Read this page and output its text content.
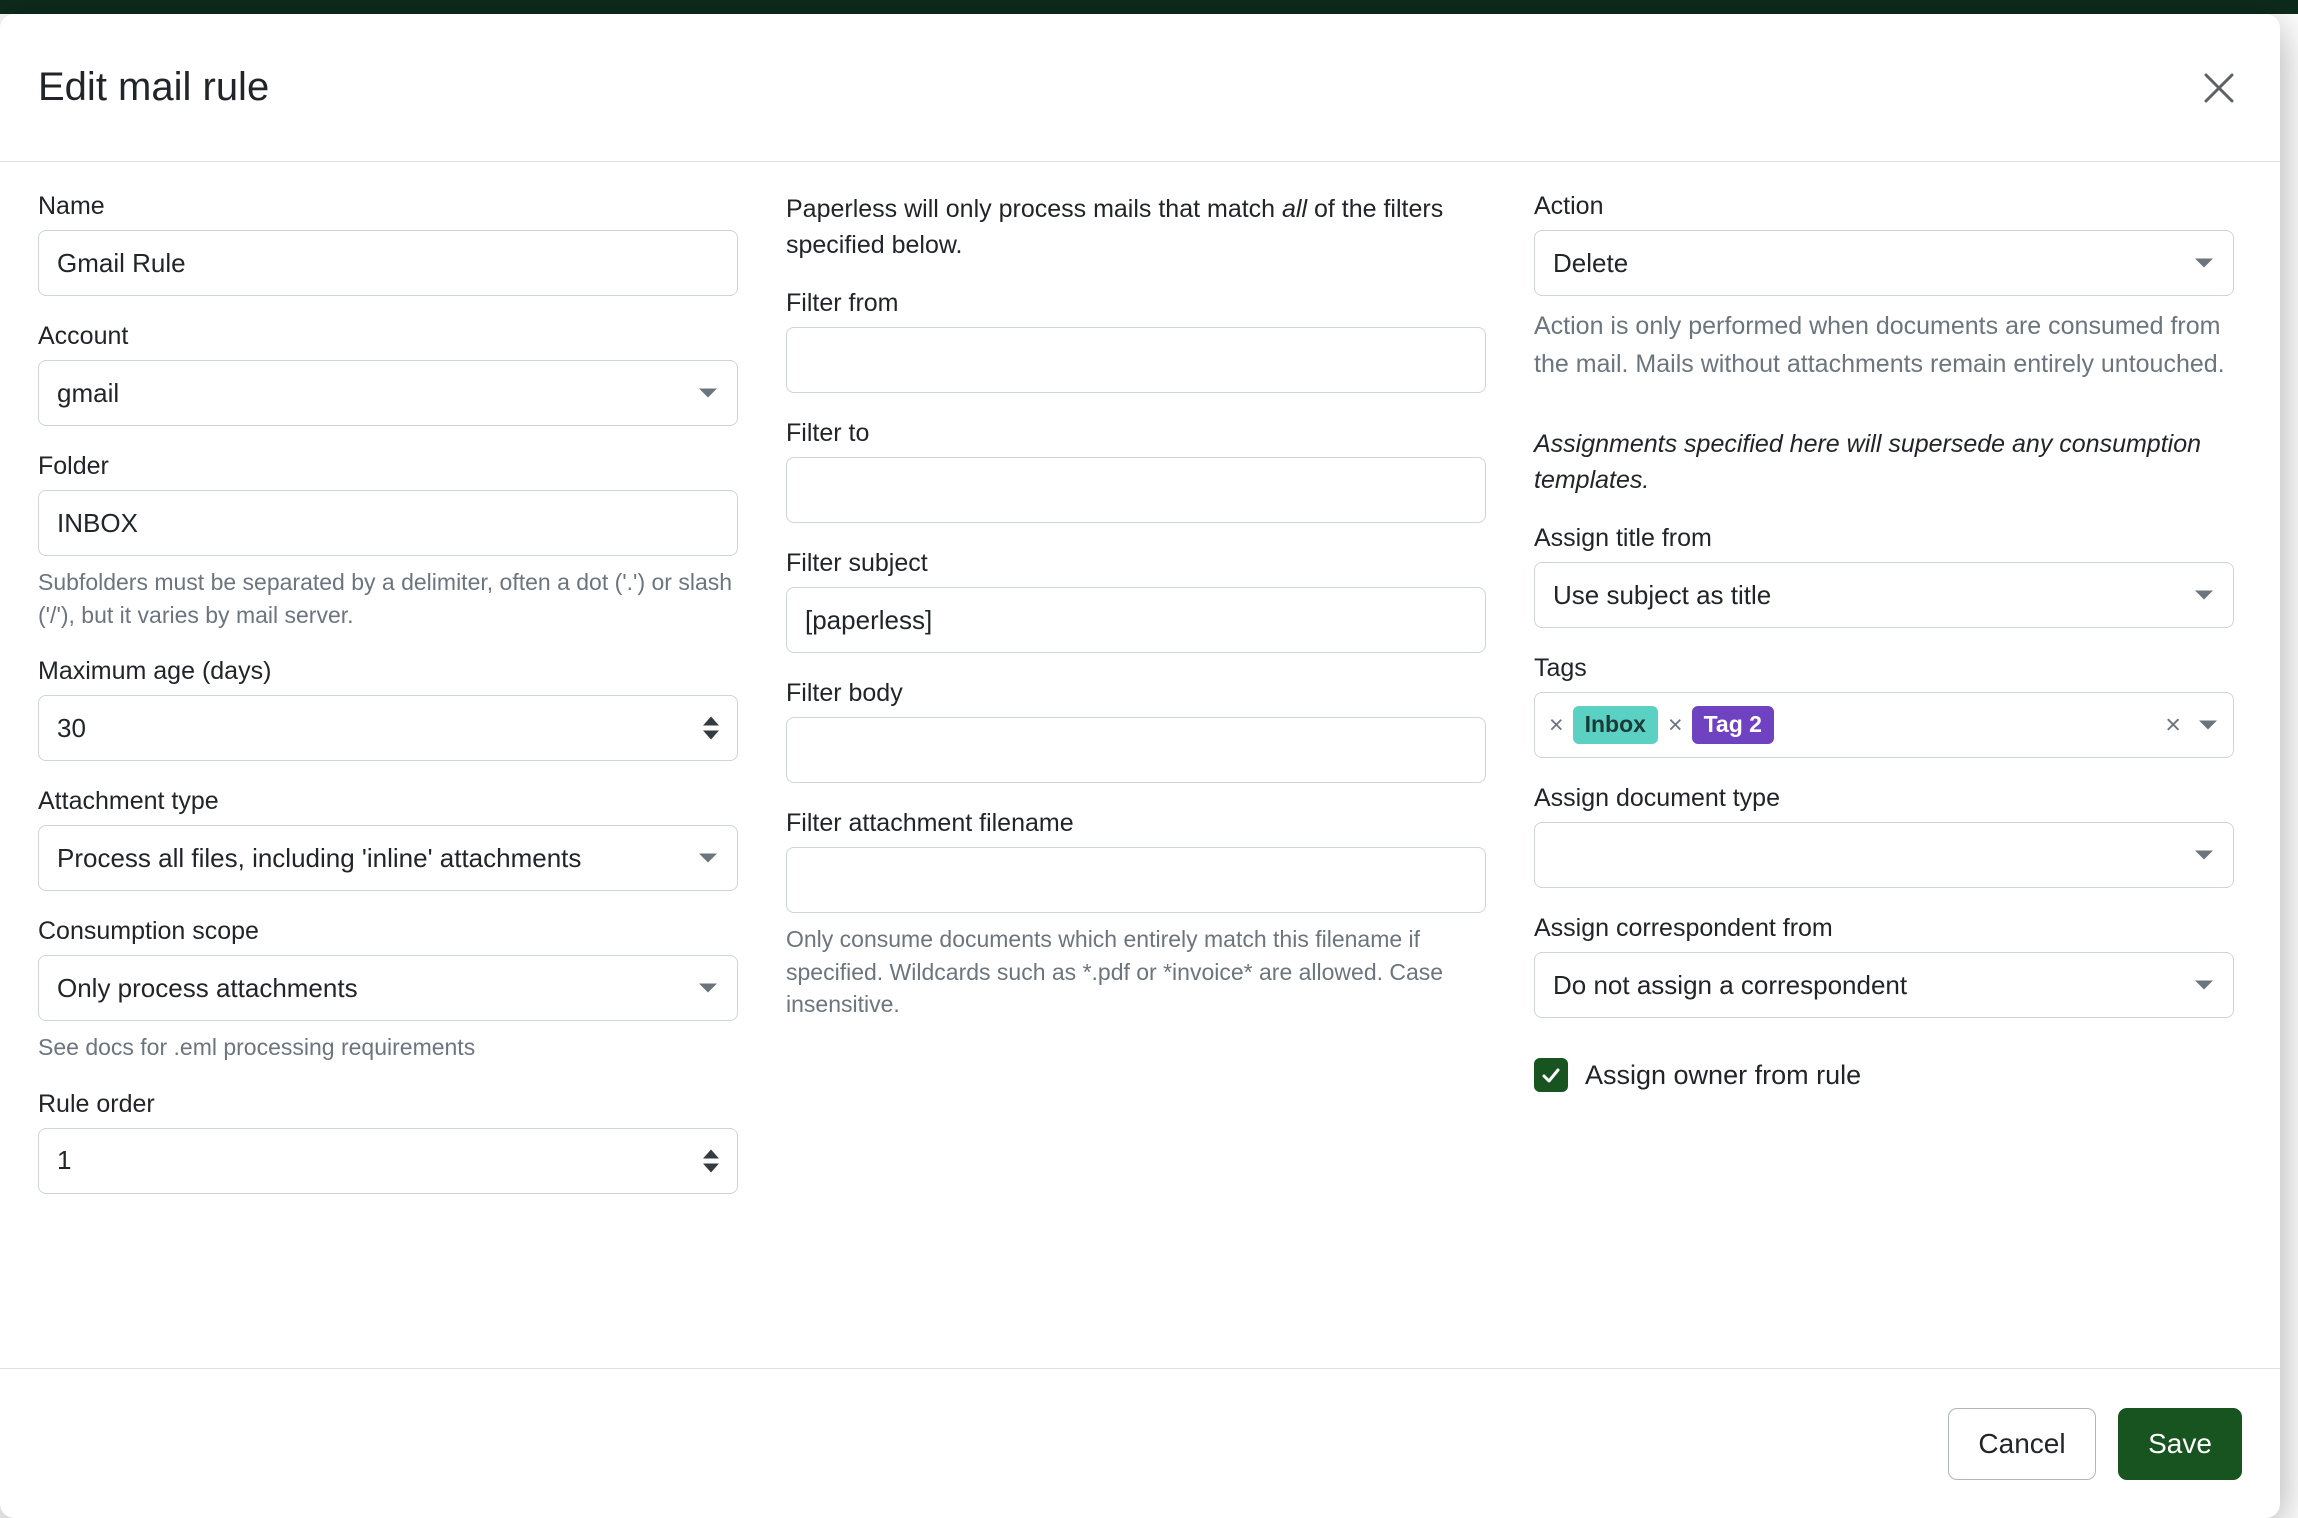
Edit mail rule
Name
Gmail Rule
Account
gmail
Folder
INBOX
Subfolders must be separated by a delimiter, often a dot ('.') or slash ('/'), but it varies by mail server.
Maximum age (days)
30
Attachment type
Process all files, including 'inline' attachments
Consumption scope
Only process attachments
See docs for .eml processing requirements
Rule order
1

Paperless will only process mails that match all of the filters specified below.

Filter from
Filter to
Filter subject
[paperless]
Filter body
Filter attachment filename
Only consume documents which entirely match this filename if specified. Wildcards such as *.pdf or *invoice* are allowed. Case insensitive.
Action
Delete
Action is only performed when documents are consumed from the mail. Mails without attachments remain entirely untouched.
Assignments specified here will supersede any consumption templates.
Assign title from
Use subject as title
Tags
× Inbox × Tag 2	×
Assign document type
Assign correspondent from
Do not assign a correspondent
Assign owner from rule
Cancel	Save
